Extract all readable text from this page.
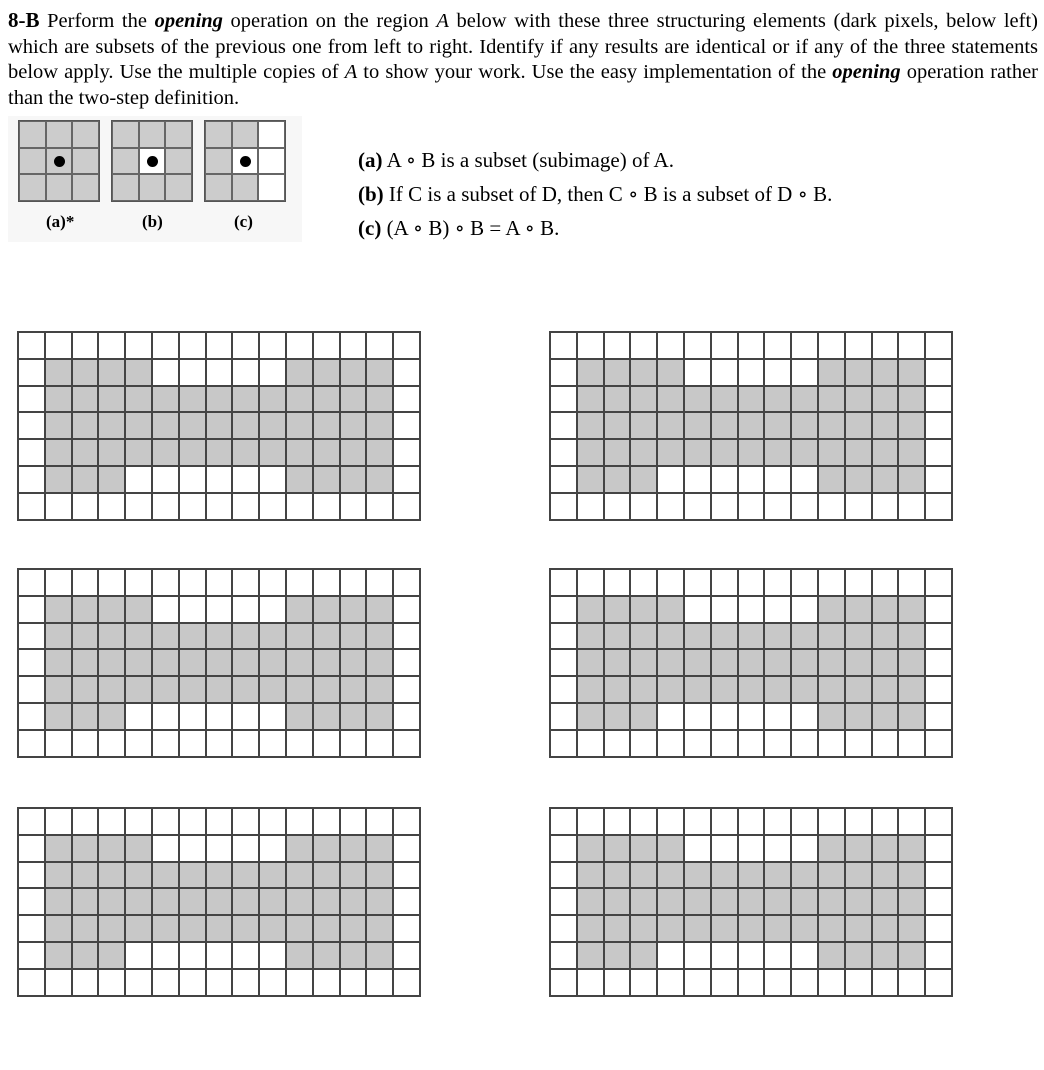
8-B Perform the opening operation on the region A below with these three structuring elements (dark pixels, below left) which are subsets of the previous one from left to right. Identify if any results are identical or if any of the three statements below apply. Use the multiple copies of A to show your work. Use the easy implementation of the opening operation rather than the two-step definition.

(a)*	(b)	(c)
(a) A ∘ B is a subset (subimage) of A.
(b) If C is a subset of D, then C ∘ B is a subset of D ∘ B.
(c) (A ∘ B) ∘ B = A ∘ B.
